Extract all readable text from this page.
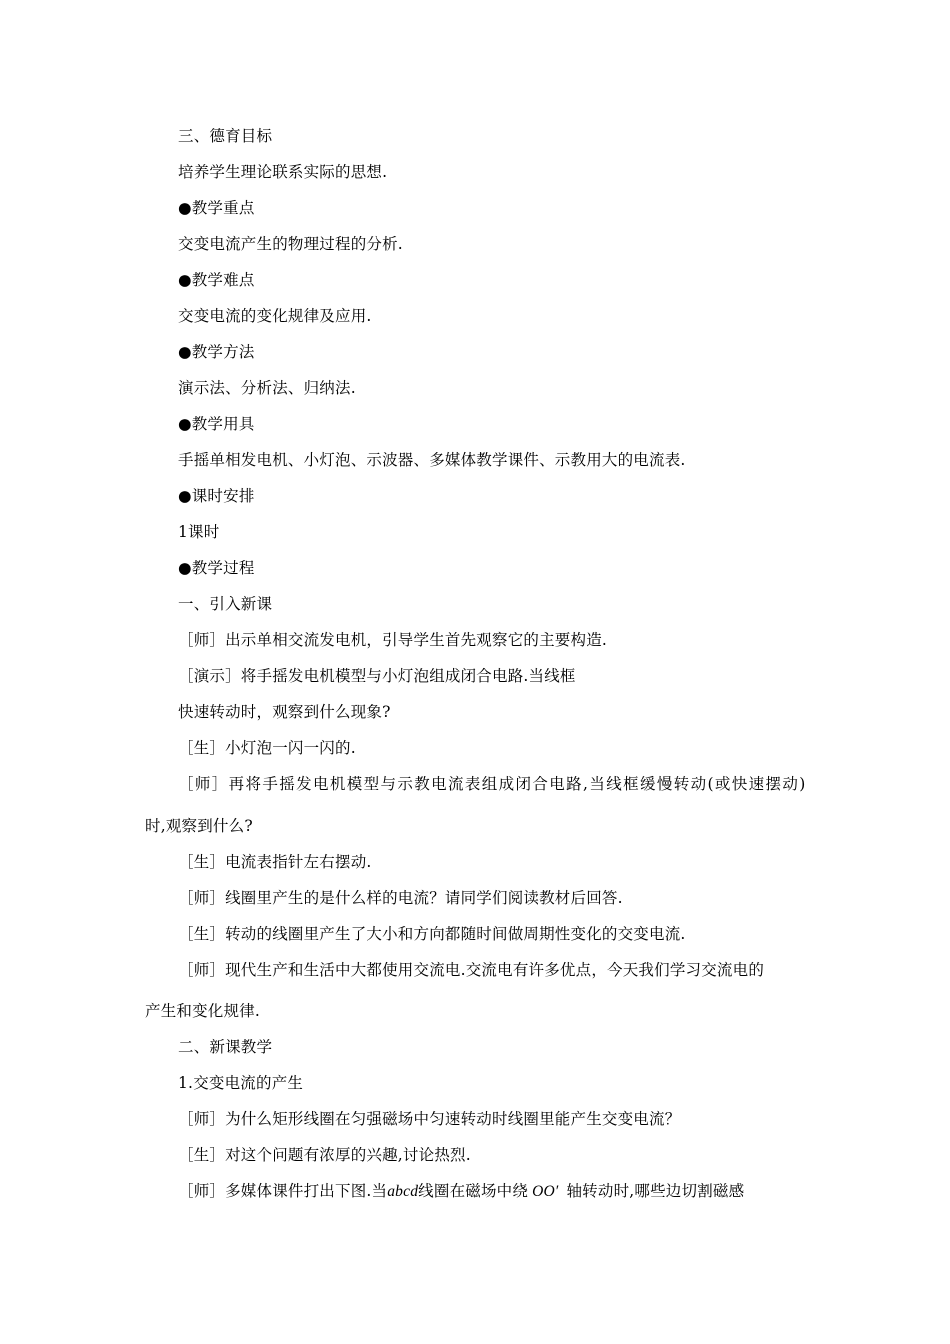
三、德育目标
培养学生理论联系实际的思想.
●教学重点
交变电流产生的物理过程的分析.
●教学难点
交变电流的变化规律及应用.
●教学方法
演示法、分析法、归纳法.
●教学用具
手摇单相发电机、小灯泡、示波器、多媒体教学课件、示教用大的电流表.
●课时安排
1课时
●教学过程
一、引入新课
［师］出示单相交流发电机，引导学生首先观察它的主要构造.
［演示］将手摇发电机模型与小灯泡组成闭合电路.当线框
快速转动时，观察到什么现象?
［生］小灯泡一闪一闪的.
［ 师 ］ 再 将 手 摇 发 电 机 模 型 与 示 教 电 流 表 组 成 闭 合 电 路 , 当 线 框 缓 慢 转 动 ( 或 快 速 摆 动 )
时,观察到什么?
［生］电流表指针左右摆动.
［师］线圈里产生的是什么样的电流？请同学们阅读教材后回答.
［生］转动的线圈里产生了大小和方向都随时间做周期性变化的交变电流.
［师］现代生产和生活中大都使用交流电.交流电有许多优点，今天我们学习交流电的
产生和变化规律.
二、新课教学
1.交变电流的产生
［师］为什么矩形线圈在匀强磁场中匀速转动时线圈里能产生交变电流？
［生］对这个问题有浓厚的兴趣,讨论热烈.
［师］多媒体课件打出下图.当abcd线圈在磁场中绕 OO′ 轴转动时,哪些边切割磁感
